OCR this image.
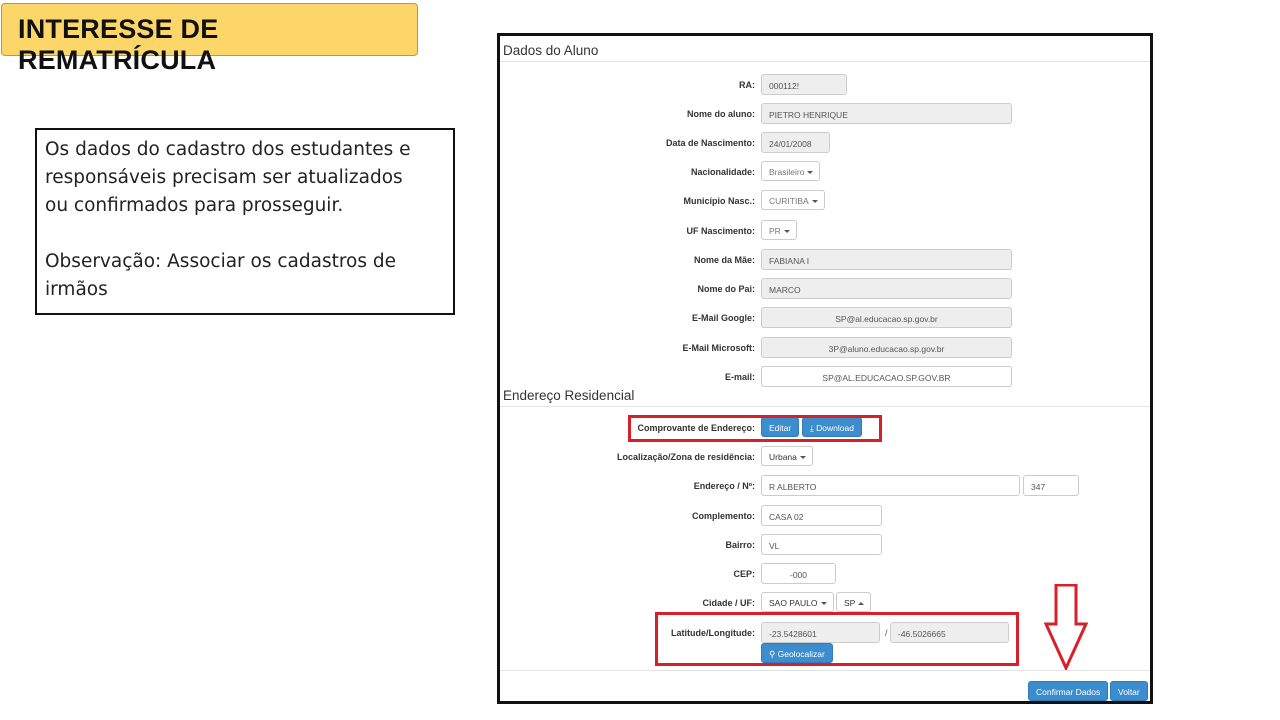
INTERESSE DE REMATRÍCULA

Os dados do cadastro dos estudantes e

responsáveis precisam ser atualizados

ou confirmados para prosseguir.

Observação: Associar os cadastros de

irmãos

Dados do Aluno
RA:	000112!
Nome do aluno:	PIETRO HENRIQUE
Data de Nascimento:	24/01/2008
Nacionalidade:	Brasileiro
Município Nasc.:	CURITIBA
UF Nascimento:	PR
Nome da Mãe:	FABIANA I
Nome do Pai:	MARCO
E-Mail Google:	SP@al.educacao.sp.gov.br
E-Mail Microsoft:	3P@aluno.educacao.sp.gov.br
E-mail:	SP@AL.EDUCACAO.SP.GOV.BR
Endereço Residencial
Comprovante de Endereço:	Editar	⤓ Download
Localização/Zona de residência:	Urbana
Endereço / Nº:	R ALBERTO	347
Complemento:	CASA 02
Bairro:	VL
CEP:	-000
Cidade / UF:	SAO PAULO	SP
Latitude/Longitude:	-23.5428601	/	-46.5026665
⚲ Geolocalizar
Confirmar Dados	Voltar
